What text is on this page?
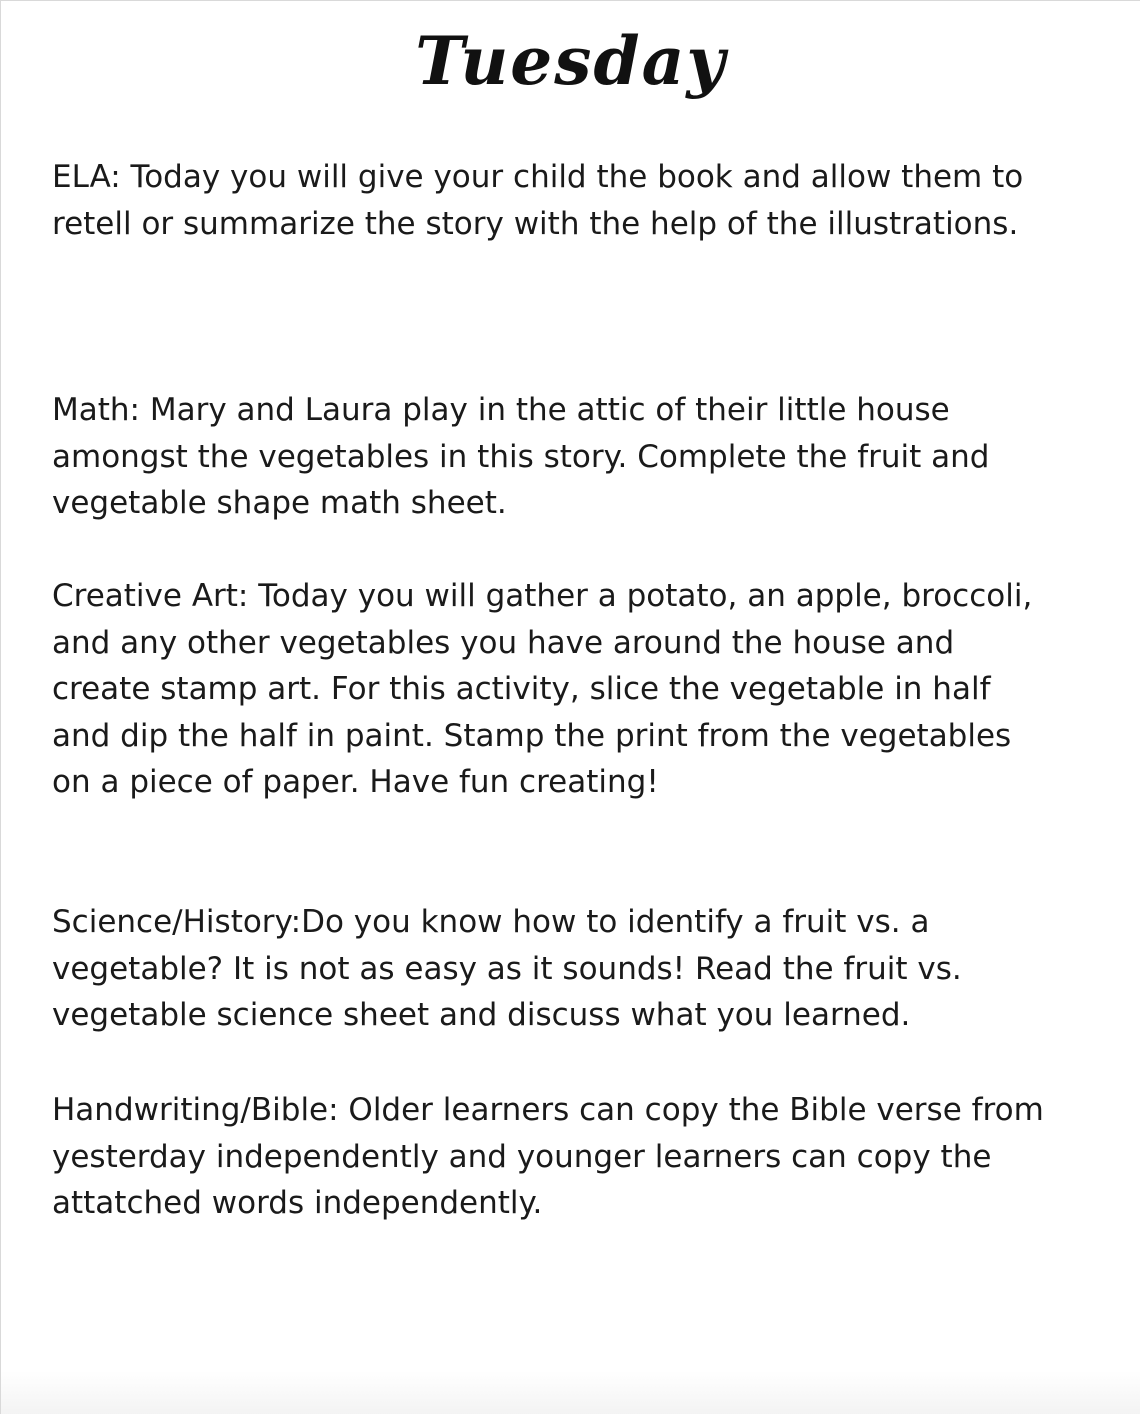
Tuesday

ELA: Today you will give your child the book and allow them to retell or summarize the story with the help of the illustrations.

Math: Mary and Laura play in the attic of their little house amongst the vegetables in this story. Complete the fruit and vegetable shape math sheet.

Creative Art: Today you will gather a potato, an apple, broccoli, and any other vegetables you have around the house and create stamp art. For this activity, slice the vegetable in half and dip the half in paint. Stamp the print from the vegetables on a piece of paper. Have fun creating!

Science/History:Do you know how to identify a fruit vs. a vegetable? It is not as easy as it sounds! Read the fruit vs. vegetable science sheet and discuss what you learned.

Handwriting/Bible: Older learners can copy the Bible verse from yesterday independently and younger learners can copy the attatched words independently.
